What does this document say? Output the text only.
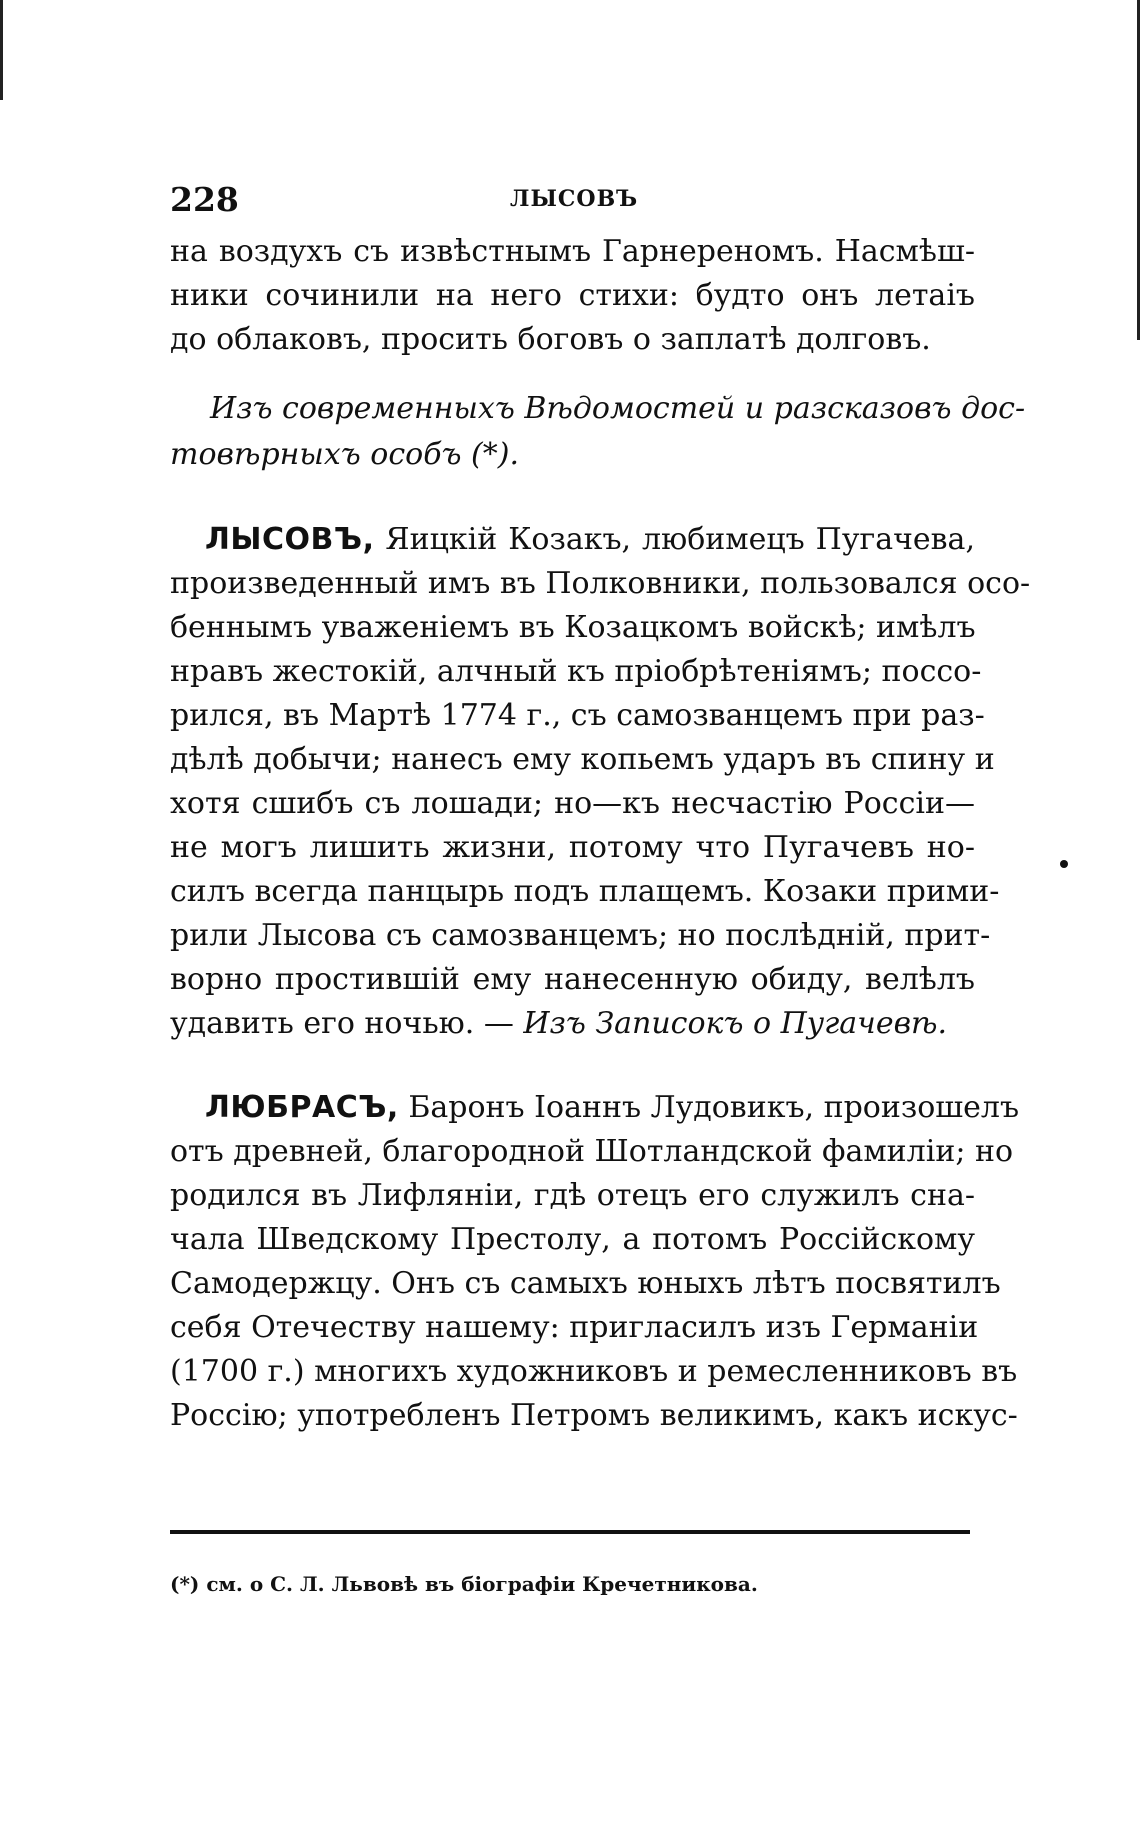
228	ЛЫСОВЪ

на воздухъ съ извѣстнымъ Гарнереномъ. Насмѣш-
ники сочинили на него стихи: будто онъ летаiъ
до облаковъ, просить боговъ о заплатѣ долговъ.

Изъ современныхъ Вѣдомостей и разсказовъ дос-
товѣрныхъ особъ (*).

ЛЫСОВЪ, Яицкій Козакъ, любимецъ Пугачева,
произведенный имъ въ Полковники, пользовался осо-
беннымъ уваженіемъ въ Козацкомъ войскѣ; имѣлъ
нравъ жестокій, алчный къ пріобрѣтеніямъ; поссо-
рился, въ Мартѣ 1774 г., съ самозванцемъ при раз-
дѣлѣ добычи; нанесъ ему копьемъ ударъ въ спину и
хотя сшибъ съ лошади; но—къ несчастію Россіи—
не могъ лишить жизни, потому что Пугачевъ но-
силъ всегда панцырь подъ плащемъ. Козаки прими-
рили Лысова съ самозванцемъ; но послѣдній, прит-
ворно простившій ему нанесенную обиду, велѣлъ
удавить его ночью. — Изъ Записокъ о Пугачевѣ.

ЛЮБРАСЪ, Баронъ Іоаннъ Лудовикъ, произошелъ
отъ древней, благородной Шотландской фамиліи; но
родился въ Лифляніи, гдѣ отецъ его служилъ сна-
чала Шведскому Престолу, а потомъ Россійскому
Самодержцу. Онъ съ самыхъ юныхъ лѣтъ посвятилъ
себя Отечеству нашему: пригласилъ изъ Германіи
(1700 г.) многихъ художниковъ и ремесленниковъ въ
Россію; употребленъ Петромъ великимъ, какъ искус-

(*) см. о С. Л. Львовѣ въ біографіи Кречетникова.
